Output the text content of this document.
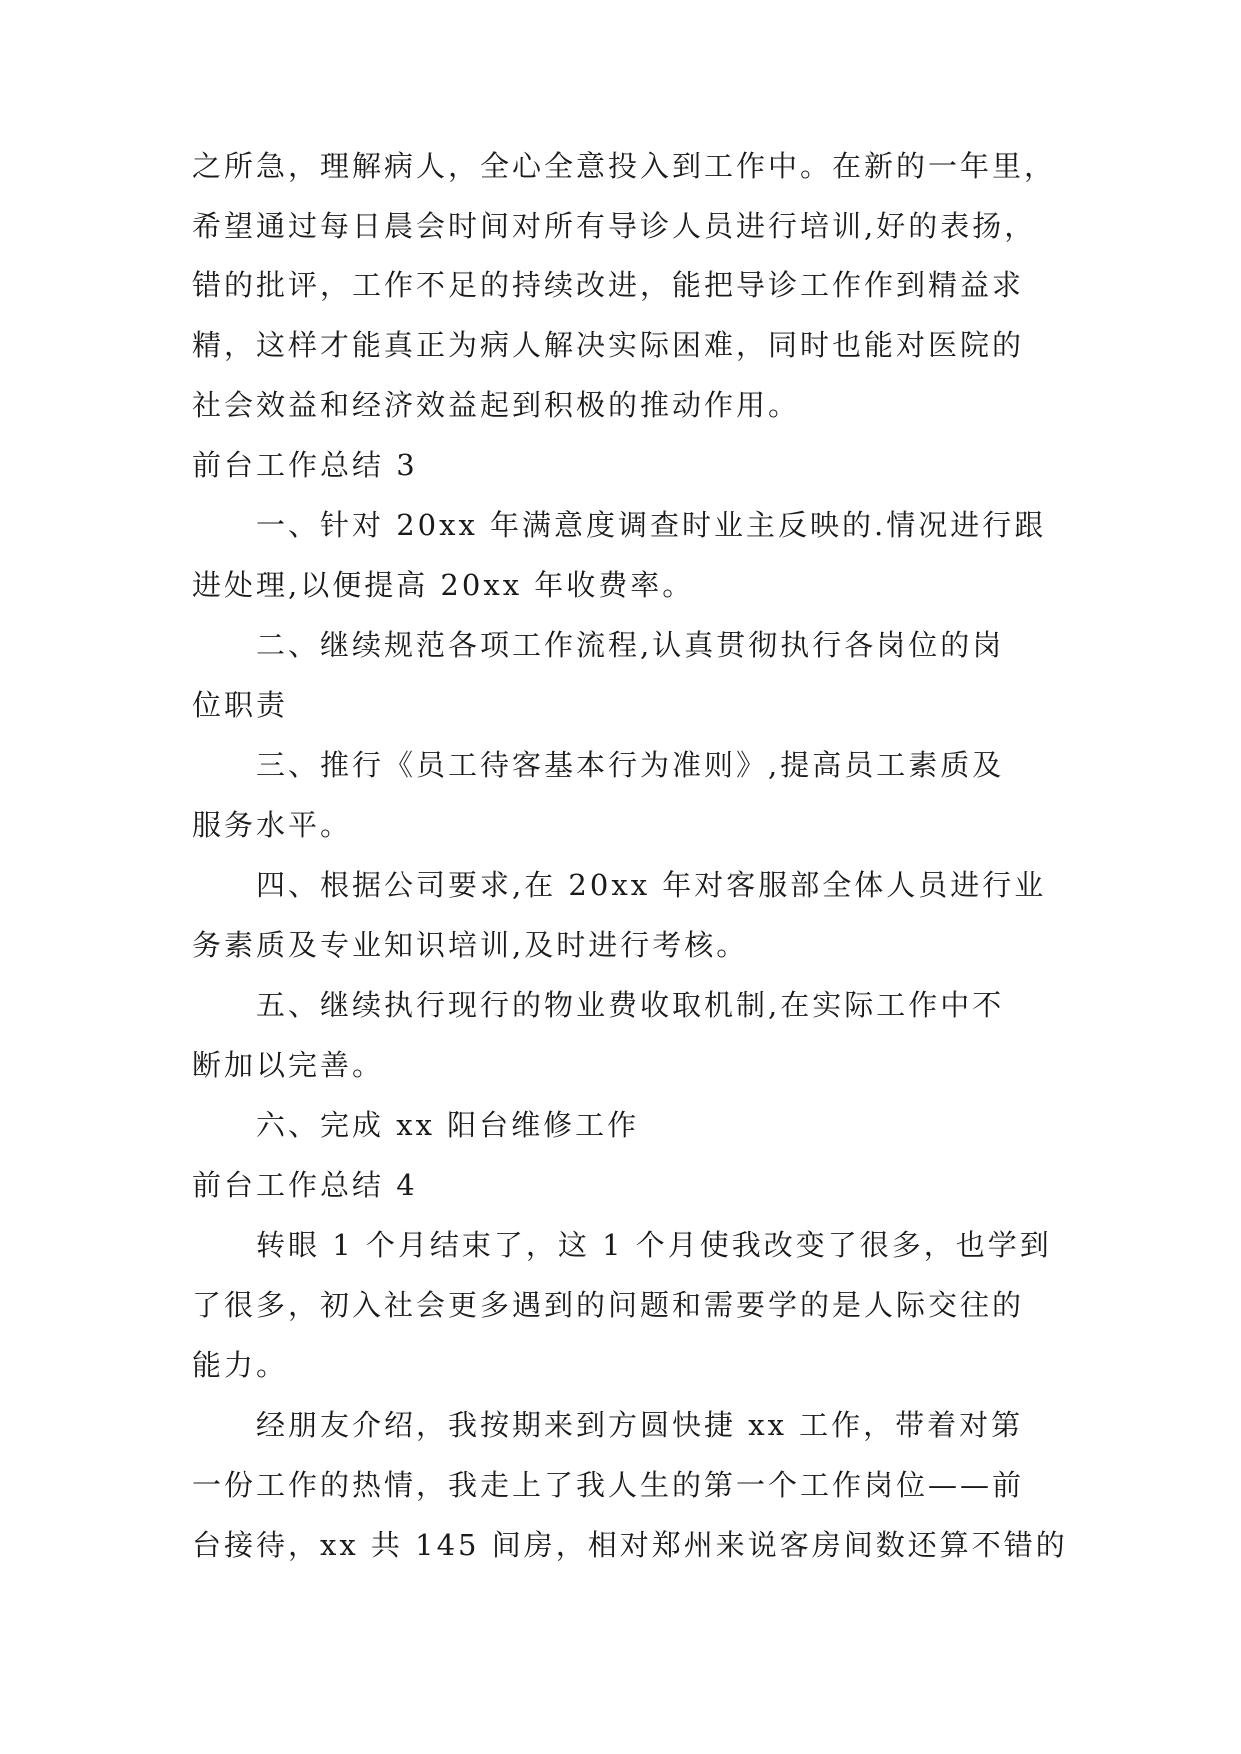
之所急，理解病人，全心全意投入到工作中。在新的一年里，
希望通过每日晨会时间对所有导诊人员进行培训,好的表扬，
错的批评，工作不足的持续改进，能把导诊工作作到精益求
精，这样才能真正为病人解决实际困难，同时也能对医院的
社会效益和经济效益起到积极的推动作用。
前台工作总结 3
一、针对 20xx 年满意度调查时业主反映的.情况进行跟
进处理,以便提高 20xx 年收费率。
二、继续规范各项工作流程,认真贯彻执行各岗位的岗
位职责
三、推行《员工待客基本行为准则》,提高员工素质及
服务水平。
四、根据公司要求,在 20xx 年对客服部全体人员进行业
务素质及专业知识培训,及时进行考核。
五、继续执行现行的物业费收取机制,在实际工作中不
断加以完善。
六、完成 xx 阳台维修工作
前台工作总结 4
转眼 1 个月结束了，这 1 个月使我改变了很多，也学到
了很多，初入社会更多遇到的问题和需要学的是人际交往的
能力。
经朋友介绍，我按期来到方圆快捷 xx 工作，带着对第
一份工作的热情，我走上了我人生的第一个工作岗位——前
台接待，xx 共 145 间房，相对郑州来说客房间数还算不错的
